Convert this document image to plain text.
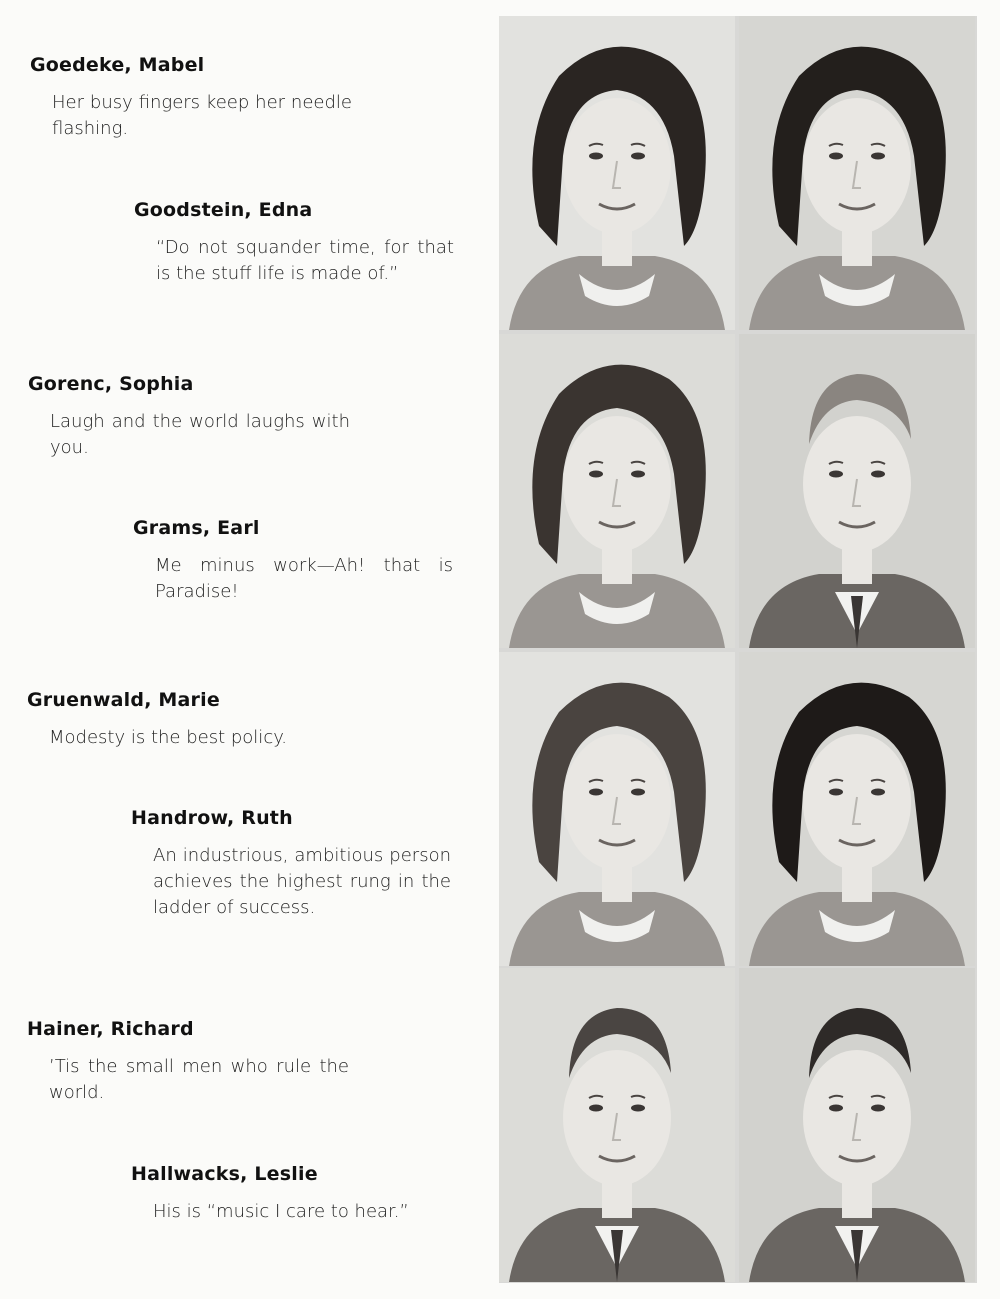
Goedeke, Mabel
Her busy fingers keep her needle flashing.
Goodstein, Edna
“Do not squander time, for that is the stuff life is made of.”
Gorenc, Sophia
Laugh and the world laughs with you.
Grams, Earl
Me minus work—Ah! that is Paradise!
Gruenwald, Marie
Modesty is the best policy.
Handrow, Ruth
An industrious, ambitious person achieves the highest rung in the ladder of success.
Hainer, Richard
’Tis the small men who rule the world.
Hallwacks, Leslie
His is “music I care to hear.”
